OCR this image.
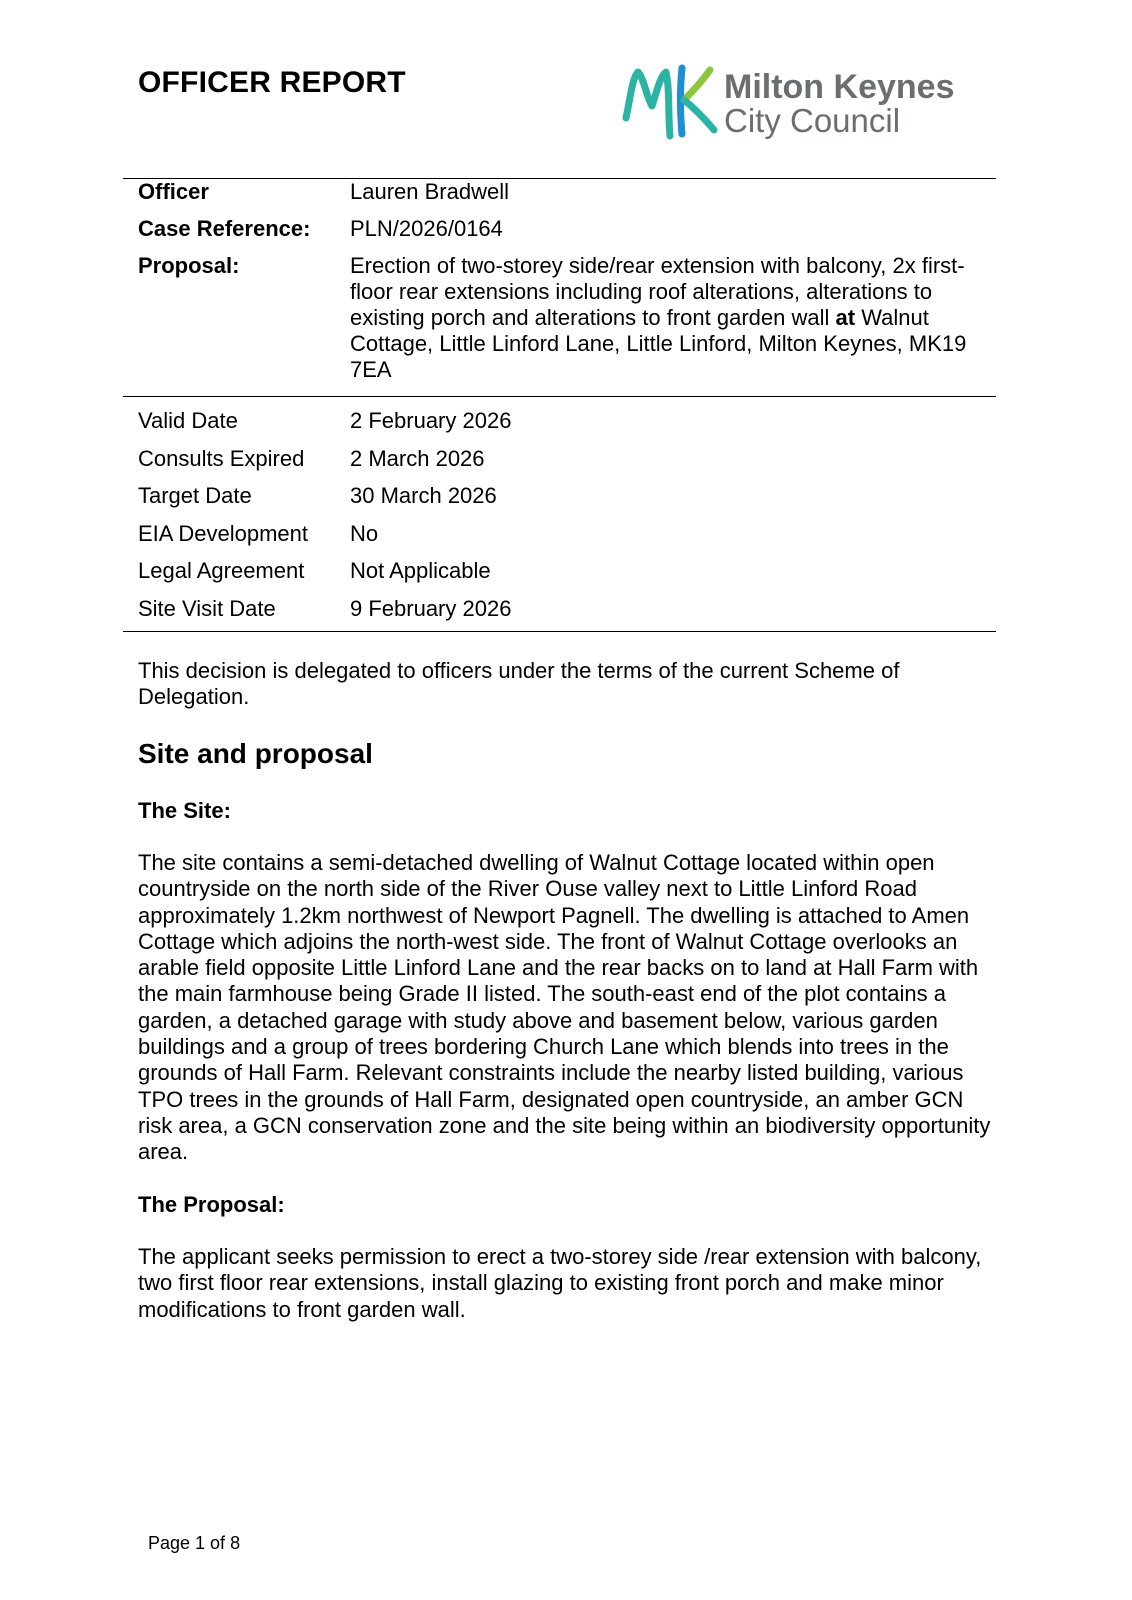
OFFICER REPORT	Milton Keynes
City Council
Officer	Lauren Bradwell
Case Reference:	PLN/2026/0164
Proposal:	Erection of two-storey side/rear extension with balcony, 2x first-floor rear extensions including roof alterations, alterations to existing porch and alterations to front garden wall at Walnut Cottage, Little Linford Lane, Little Linford, Milton Keynes, MK19 7EA
Valid Date	2 February 2026
Consults Expired	2 March 2026
Target Date	30 March 2026
EIA Development	No
Legal Agreement	Not Applicable
Site Visit Date	9 February 2026

This decision is delegated to officers under the terms of the current Scheme of Delegation.

Site and proposal
The Site:

The site contains a semi-detached dwelling of Walnut Cottage located within open countryside on the north side of the River Ouse valley next to Little Linford Road approximately 1.2km northwest of Newport Pagnell. The dwelling is attached to Amen Cottage which adjoins the north-west side. The front of Walnut Cottage overlooks an arable field opposite Little Linford Lane and the rear backs on to land at Hall Farm with the main farmhouse being Grade II listed. The south-east end of the plot contains a garden, a detached garage with study above and basement below, various garden buildings and a group of trees bordering Church Lane which blends into trees in the grounds of Hall Farm. Relevant constraints include the nearby listed building, various TPO trees in the grounds of Hall Farm, designated open countryside, an amber GCN risk area, a GCN conservation zone and the site being within an biodiversity opportunity area.

The Proposal:

The applicant seeks permission to erect a two-storey side /rear extension with balcony, two first floor rear extensions, install glazing to existing front porch and make minor modifications to front garden wall.

Page 1 of 8
